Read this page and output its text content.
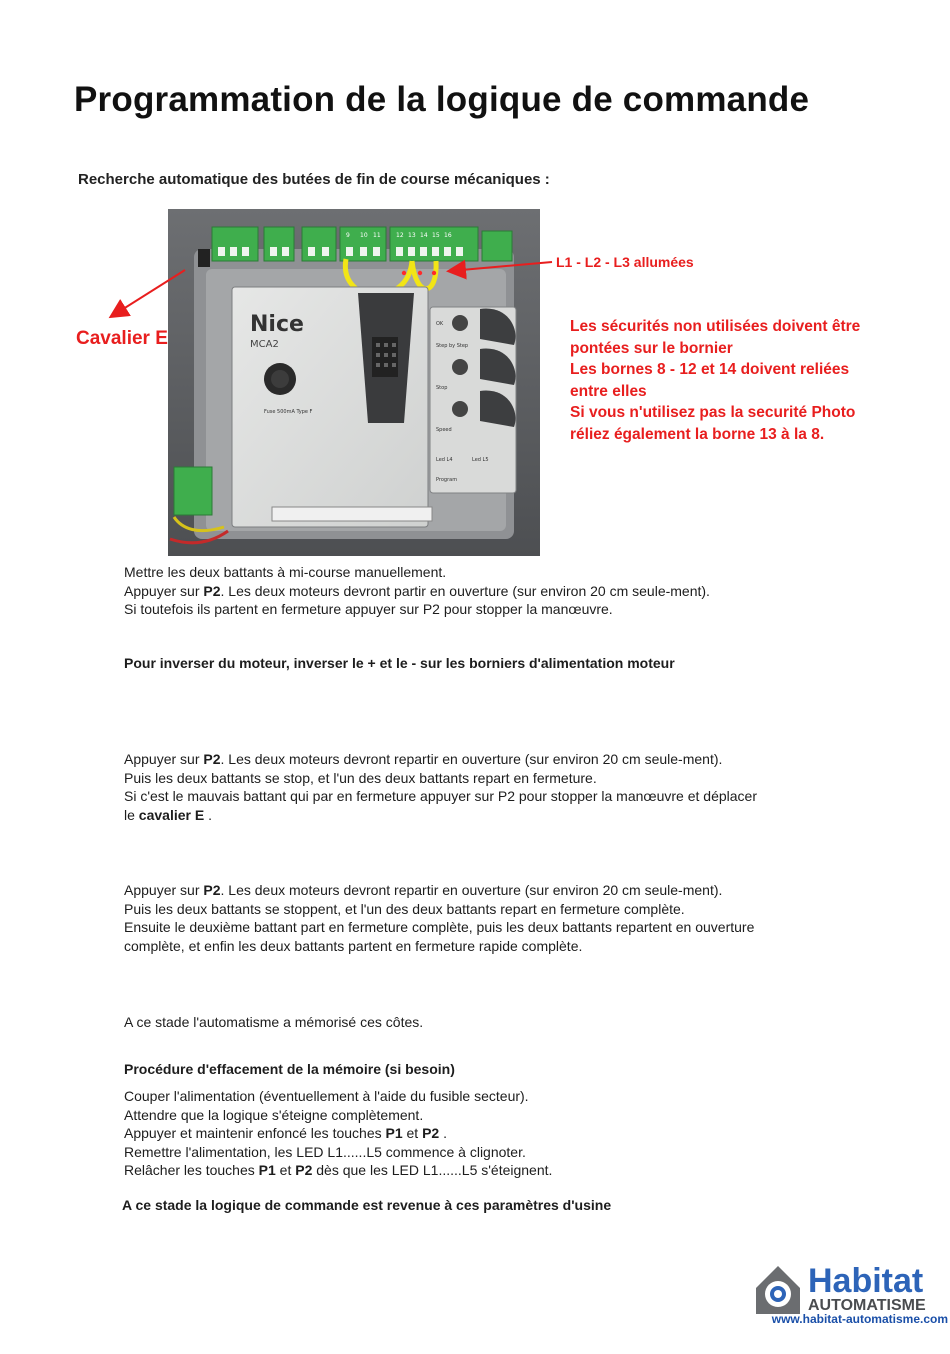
Programmation de la logique de commande
Recherche automatique des butées de fin de course mécaniques :
9 10 11	12 13 14 15 16
Nice
MCA2
Fuse 500mA Type F
OK
Step by Step
Stop
Speed
Led L4	Led L5
Program
L1 - L2 - L3 allumées
Cavalier E
Les sécurités non utilisées doivent être
pontées sur le bornier
Les bornes 8 - 12 et 14 doivent reliées
entre elles
Si vous n'utilisez pas la securité Photo
réliez également la borne 13 à la 8.
Mettre les deux battants à mi-course manuellement.
Appuyer sur P2. Les deux moteurs devront partir en ouverture (sur environ 20 cm seule-ment).
Si toutefois ils partent en fermeture appuyer sur P2 pour stopper la manœuvre.
Pour inverser du moteur, inverser le + et le - sur les borniers d'alimentation moteur
Appuyer sur P2. Les deux moteurs devront repartir en ouverture (sur environ 20 cm seule-ment).
Puis les deux battants se stop, et l'un des deux battants repart en fermeture.
Si c'est le mauvais battant qui par en fermeture appuyer sur P2 pour stopper la manœuvre et déplacer
le cavalier E .
Appuyer sur P2. Les deux moteurs devront repartir en ouverture (sur environ 20 cm seule-ment).
Puis les deux battants se stoppent, et l'un des deux battants repart en fermeture complète.
Ensuite le deuxième battant part en fermeture complète, puis les deux battants repartent en ouverture
complète, et enfin les deux battants partent en fermeture rapide complète.
A ce stade l'automatisme a mémorisé ces côtes.
Procédure d'effacement de la mémoire (si besoin)
Couper l'alimentation (éventuellement à l'aide du fusible secteur).
Attendre que la logique s'éteigne complètement.
Appuyer et maintenir enfoncé les touches P1 et P2 .
Remettre l'alimentation, les LED L1......L5 commence à clignoter.
Relâcher les touches P1 et P2 dès que les LED L1......L5 s'éteignent.
A ce stade la logique de commande est revenue à ces paramètres d'usine
Habitat
AUTOMATISME
www.habitat-automatisme.com
